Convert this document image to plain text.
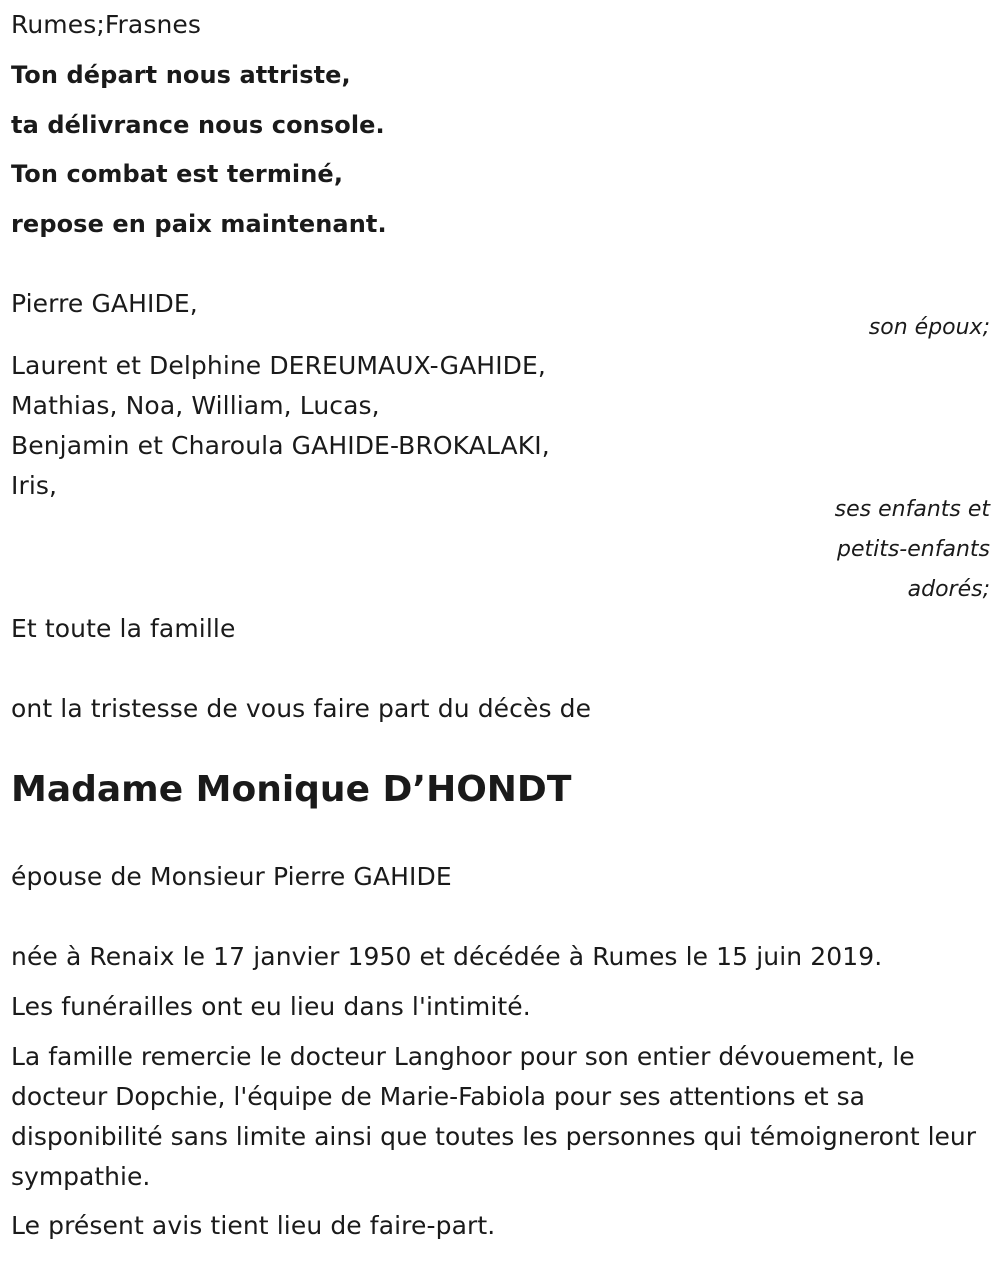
Rumes;Frasnes
Ton départ nous attriste,
ta délivrance nous console.
Ton combat est terminé,
repose en paix maintenant.
Pierre GAHIDE,
son époux;
Laurent et Delphine DEREUMAUX-GAHIDE,
Mathias, Noa, William, Lucas,
Benjamin et Charoula GAHIDE-BROKALAKI,
Iris,
ses enfants et
petits-enfants
adorés;
Et toute la famille
ont la tristesse de vous faire part du décès de
Madame Monique D’HONDT
épouse de Monsieur Pierre GAHIDE
née à Renaix le 17 janvier 1950 et décédée à Rumes le 15 juin 2019.
Les funérailles ont eu lieu dans l'intimité.
La famille remercie le docteur Langhoor pour son entier dévouement, le docteur Dopchie, l'équipe de Marie-Fabiola pour ses attentions et sa disponibilité sans limite ainsi que toutes les personnes qui témoigneront leur sympathie.
Le présent avis tient lieu de faire-part.
